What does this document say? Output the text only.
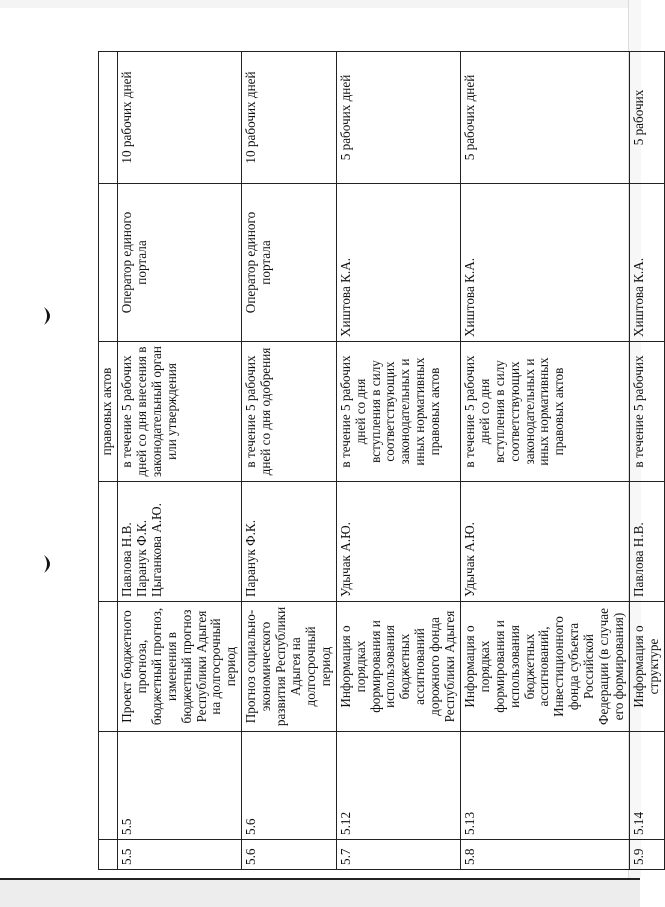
				правовых актов		
5.5	5.5	Проект бюджетного прогноза, бюджетный прогноз, изменения в бюджетный прогноз Республики Адыгея на долгосрочный период	Павлова Н.В. Паранук Ф.К. Цыганкова А.Ю.	в течение 5 рабочих дней со дня внесения в законодательный орган или утверждения	Оператор единого портала	10 рабочих дней
5.6	5.6	Прогноз социально-экономического развития Республики Адыгея на долгосрочный период	Паранук Ф.К.	в течение 5 рабочих дней со дня одобрения	Оператор единого портала	10 рабочих дней
5.7	5.12	Информация о порядках формирования и использования бюджетных ассигнований дорожного фонда Республики Адыгея	Удычак А.Ю.	в течение 5 рабочих дней со дня вступления в силу соответствующих законодательных и иных нормативных правовых актов	Хиштова К.А.	5 рабочих дней
5.8	5.13	Информация о порядках формирования и использования бюджетных ассигнований, Инвестиционного фонда субъекта Российской Федерации (в случае его формирования)	Удычак А.Ю.	в течение 5 рабочих дней со дня вступления в силу соответствующих законодательных и иных нормативных правовых актов	Хиштова К.А.	5 рабочих дней
5.9	5.14	Информация о структуре	Павлова Н.В.	в течение 5 рабочих	Хиштова К.А.	5 рабочих
